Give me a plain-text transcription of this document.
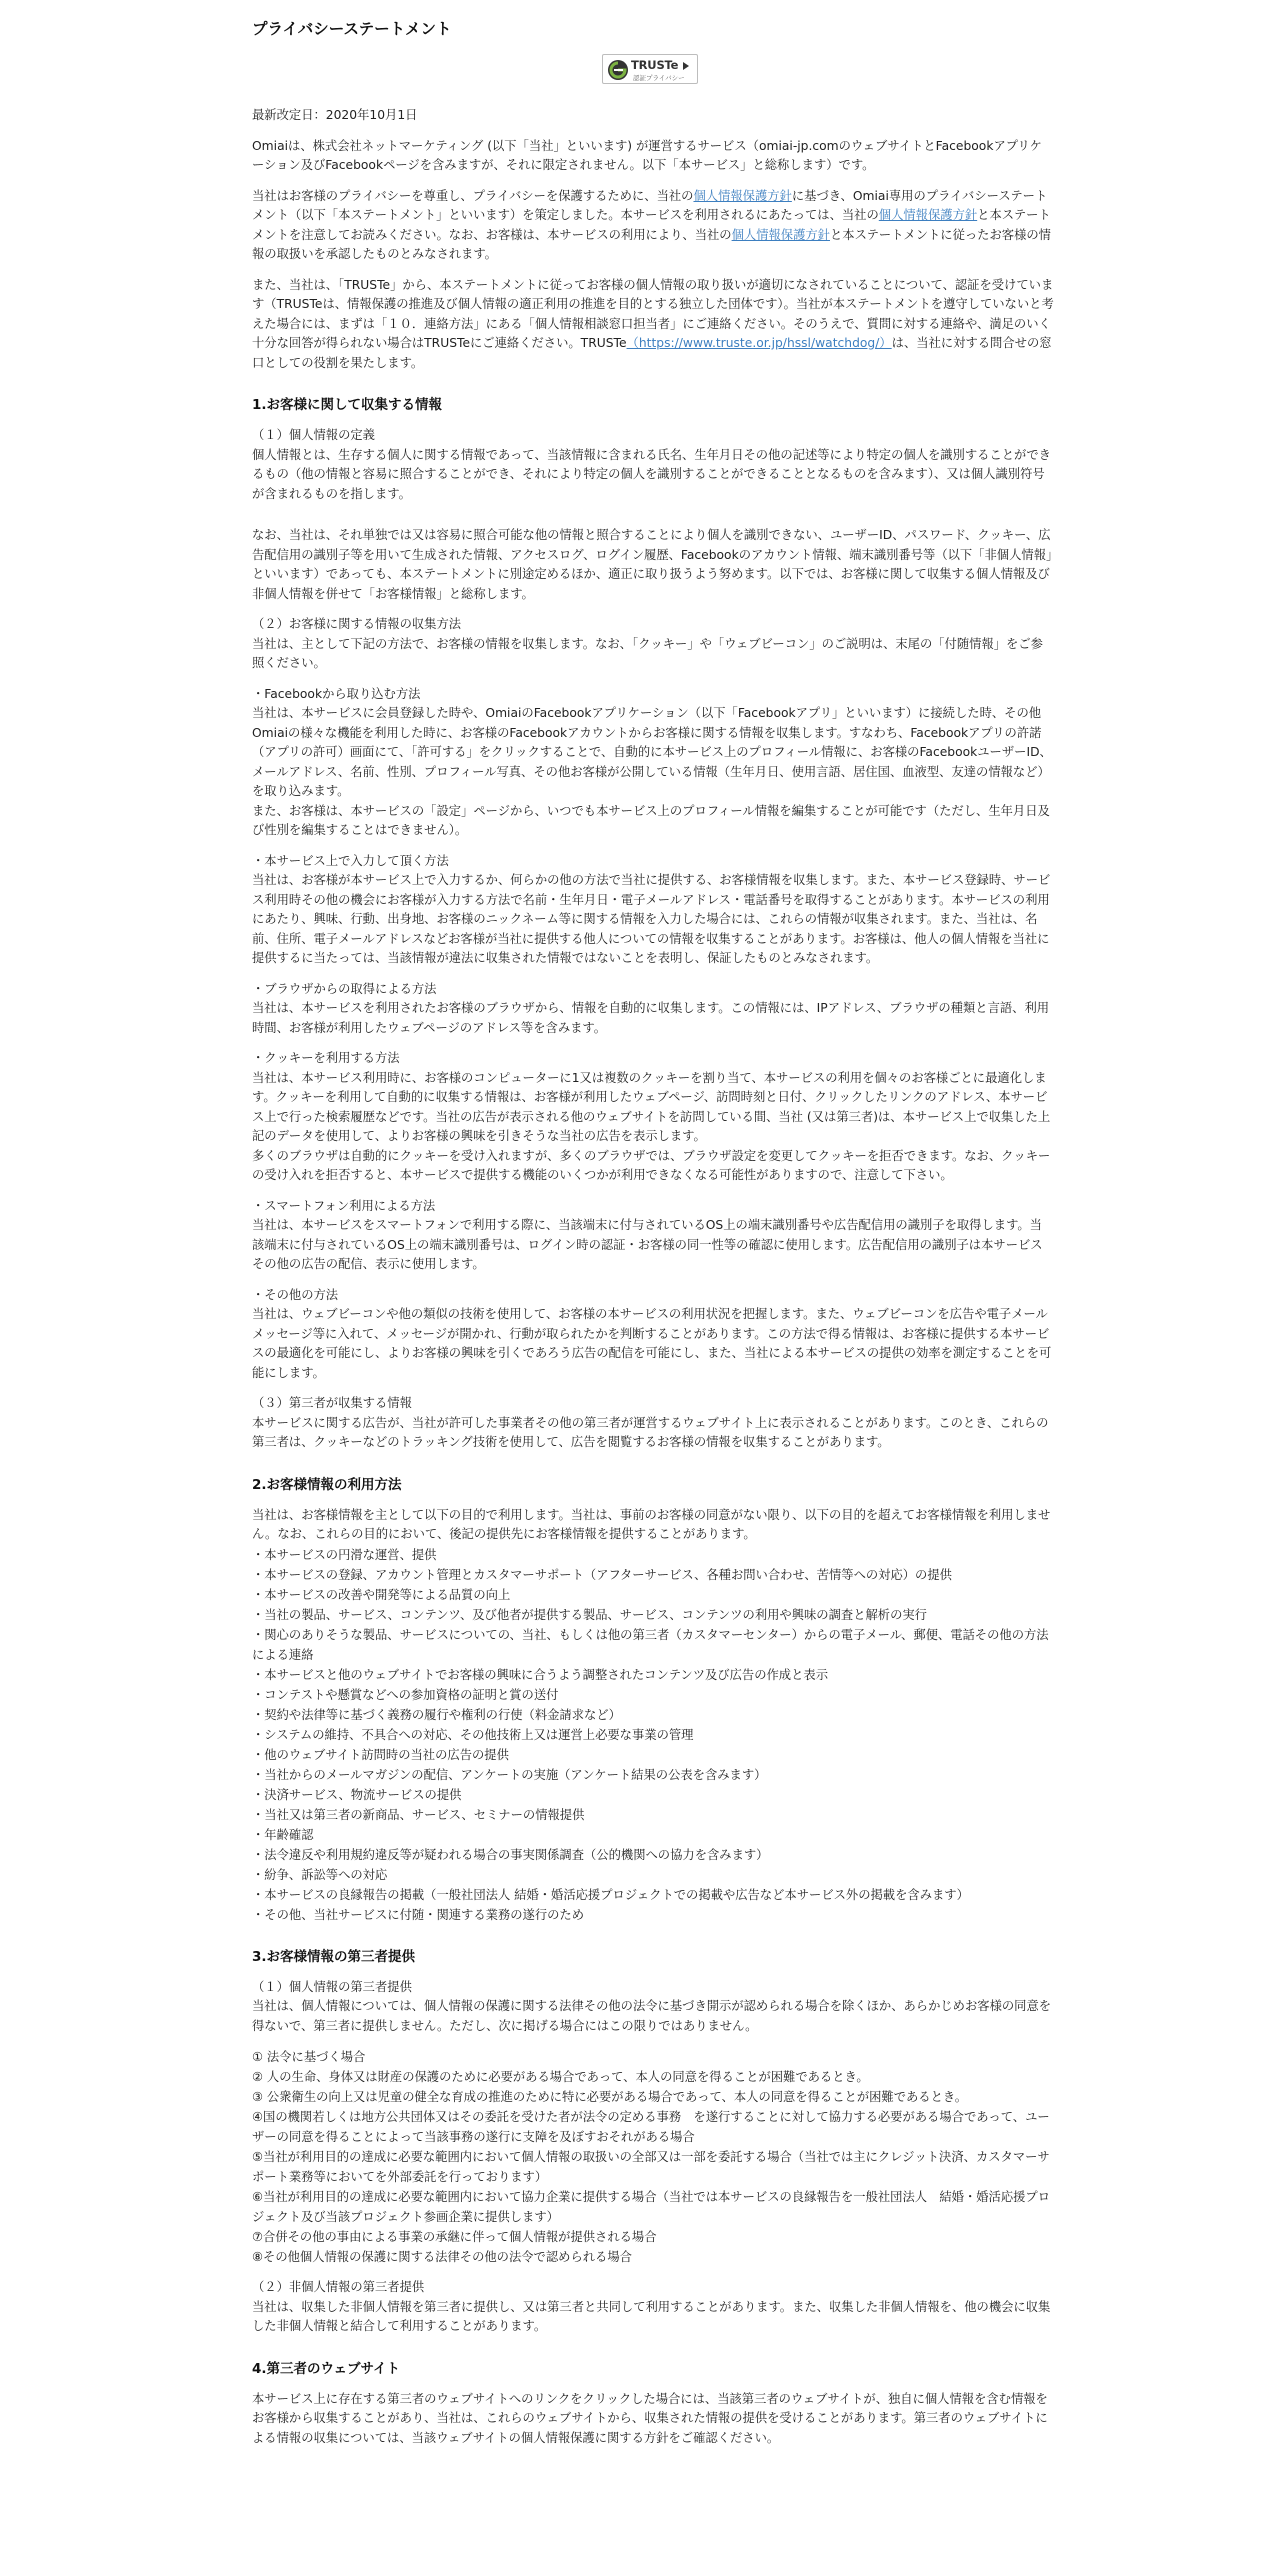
プライバシーステートメント
TRUSTe
認証プライバシー

最新改定日：2020年10月1日

Omiaiは、株式会社ネットマーケティング (以下「当社」といいます) が運営するサービス（omiai-jp.comのウェブサイトとFacebookアプリケーション及びFacebookページを含みますが、それに限定されません。以下「本サービス」と総称します）です。

当社はお客様のプライバシーを尊重し、プライバシーを保護するために、当社の個人情報保護方針に基づき、Omiai専用のプライバシーステートメント（以下「本ステートメント」といいます）を策定しました。本サービスを利用されるにあたっては、当社の個人情報保護方針と本ステートメントを注意してお読みください。なお、お客様は、本サービスの利用により、当社の個人情報保護方針と本ステートメントに従ったお客様の情報の取扱いを承認したものとみなされます。

また、当社は、「TRUSTe」から、本ステートメントに従ってお客様の個人情報の取り扱いが適切になされていることについて、認証を受けています（TRUSTeは、情報保護の推進及び個人情報の適正利用の推進を目的とする独立した団体です）。当社が本ステートメントを遵守していないと考えた場合には、まずは「１０．連絡方法」にある「個人情報相談窓口担当者」にご連絡ください。そのうえで、質問に対する連絡や、満足のいく十分な回答が得られない場合はTRUSTeにご連絡ください。TRUSTe（https://www.truste.or.jp/hssl/watchdog/）は、当社に対する問合せの窓口としての役割を果たします。

1.お客様に関して収集する情報

（１）個人情報の定義

個人情報とは、生存する個人に関する情報であって、当該情報に含まれる氏名、生年月日その他の記述等により特定の個人を識別することができるもの（他の情報と容易に照合することができ、それにより特定の個人を識別することができることとなるものを含みます）、又は個人識別符号が含まれるものを指します。

なお、当社は、それ単独では又は容易に照合可能な他の情報と照合することにより個人を識別できない、ユーザーID、パスワード、クッキー、広告配信用の識別子等を用いて生成された情報、アクセスログ、ログイン履歴、Facebookのアカウント情報、端末識別番号等（以下「非個人情報」といいます）であっても、本ステートメントに別途定めるほか、適正に取り扱うよう努めます。以下では、お客様に関して収集する個人情報及び非個人情報を併せて「お客様情報」と総称します。

（２）お客様に関する情報の収集方法

当社は、主として下記の方法で、お客様の情報を収集します。なお、「クッキー」や「ウェブビーコン」のご説明は、末尾の「付随情報」をご参照ください。

・Facebookから取り込む方法

当社は、本サービスに会員登録した時や、OmiaiのFacebookアプリケーション（以下「Facebookアプリ」といいます）に接続した時、その他Omiaiの様々な機能を利用した時に、お客様のFacebookアカウントからお客様に関する情報を収集します。すなわち、Facebookアプリの許諾（アプリの許可）画面にて、「許可する」をクリックすることで、自動的に本サービス上のプロフィール情報に、お客様のFacebookユーザーID、メールアドレス、名前、性別、プロフィール写真、その他お客様が公開している情報（生年月日、使用言語、居住国、血液型、友達の情報など）を取り込みます。

また、お客様は、本サービスの「設定」ページから、いつでも本サービス上のプロフィール情報を編集することが可能です（ただし、生年月日及び性別を編集することはできません）。

・本サービス上で入力して頂く方法

当社は、お客様が本サービス上で入力するか、何らかの他の方法で当社に提供する、お客様情報を収集します。また、本サービス登録時、サービス利用時その他の機会にお客様が入力する方法で名前・生年月日・電子メールアドレス・電話番号を取得することがあります。本サービスの利用にあたり、興味、行動、出身地、お客様のニックネーム等に関する情報を入力した場合には、これらの情報が収集されます。また、当社は、名前、住所、電子メールアドレスなどお客様が当社に提供する他人についての情報を収集することがあります。お客様は、他人の個人情報を当社に提供するに当たっては、当該情報が違法に収集された情報ではないことを表明し、保証したものとみなされます。

・ブラウザからの取得による方法

当社は、本サービスを利用されたお客様のブラウザから、情報を自動的に収集します。この情報には、IPアドレス、ブラウザの種類と言語、利用時間、お客様が利用したウェブページのアドレス等を含みます。

・クッキーを利用する方法

当社は、本サービス利用時に、お客様のコンピューターに1又は複数のクッキーを割り当て、本サービスの利用を個々のお客様ごとに最適化します。クッキーを利用して自動的に収集する情報は、お客様が利用したウェブページ、訪問時刻と日付、クリックしたリンクのアドレス、本サービス上で行った検索履歴などです。当社の広告が表示される他のウェブサイトを訪問している間、当社 (又は第三者)は、本サービス上で収集した上記のデータを使用して、よりお客様の興味を引きそうな当社の広告を表示します。

多くのブラウザは自動的にクッキーを受け入れますが、多くのブラウザでは、ブラウザ設定を変更してクッキーを拒否できます。なお、クッキーの受け入れを拒否すると、本サービスで提供する機能のいくつかが利用できなくなる可能性がありますので、注意して下さい。

・スマートフォン利用による方法

当社は、本サービスをスマートフォンで利用する際に、当該端末に付与されているOS上の端末識別番号や広告配信用の識別子を取得します。当該端末に付与されているOS上の端末識別番号は、ログイン時の認証・お客様の同一性等の確認に使用します。広告配信用の識別子は本サービスその他の広告の配信、表示に使用します。

・その他の方法

当社は、ウェブビーコンや他の類似の技術を使用して、お客様の本サービスの利用状況を把握します。また、ウェブビーコンを広告や電子メールメッセージ等に入れて、メッセージが開かれ、行動が取られたかを判断することがあります。この方法で得る情報は、お客様に提供する本サービスの最適化を可能にし、よりお客様の興味を引くであろう広告の配信を可能にし、また、当社による本サービスの提供の効率を測定することを可能にします。

（３）第三者が収集する情報

本サービスに関する広告が、当社が許可した事業者その他の第三者が運営するウェブサイト上に表示されることがあります。このとき、これらの第三者は、クッキーなどのトラッキング技術を使用して、広告を閲覧するお客様の情報を収集することがあります。

2.お客様情報の利用方法

当社は、お客様情報を主として以下の目的で利用します。当社は、事前のお客様の同意がない限り、以下の目的を超えてお客様情報を利用しません。なお、これらの目的において、後記の提供先にお客様情報を提供することがあります。

・本サービスの円滑な運営、提供
・本サービスの登録、アカウント管理とカスタマーサポート（アフターサービス、各種お問い合わせ、苦情等への対応）の提供
・本サービスの改善や開発等による品質の向上
・当社の製品、サービス、コンテンツ、及び他者が提供する製品、サービス、コンテンツの利用や興味の調査と解析の実行
・関心のありそうな製品、サービスについての、当社、もしくは他の第三者（カスタマーセンター）からの電子メール、郵便、電話その他の方法による連絡
・本サービスと他のウェブサイトでお客様の興味に合うよう調整されたコンテンツ及び広告の作成と表示
・コンテストや懸賞などへの参加資格の証明と賞の送付
・契約や法律等に基づく義務の履行や権利の行使（料金請求など）
・システムの維持、不具合への対応、その他技術上又は運営上必要な事業の管理
・他のウェブサイト訪問時の当社の広告の提供
・当社からのメールマガジンの配信、アンケートの実施（アンケート結果の公表を含みます）
・決済サービス、物流サービスの提供
・当社又は第三者の新商品、サービス、セミナーの情報提供
・年齢確認
・法令違反や利用規約違反等が疑われる場合の事実関係調査（公的機関への協力を含みます）
・紛争、訴訟等への対応
・本サービスの良縁報告の掲載（一般社団法人 結婚・婚活応援プロジェクトでの掲載や広告など本サービス外の掲載を含みます）
・その他、当社サービスに付随・関連する業務の遂行のため
3.お客様情報の第三者提供

（１）個人情報の第三者提供

当社は、個人情報については、個人情報の保護に関する法律その他の法令に基づき開示が認められる場合を除くほか、あらかじめお客様の同意を得ないで、第三者に提供しません。ただし、次に掲げる場合にはこの限りではありません。

① 法令に基づく場合
② 人の生命、身体又は財産の保護のために必要がある場合であって、本人の同意を得ることが困難であるとき。
③ 公衆衛生の向上又は児童の健全な育成の推進のために特に必要がある場合であって、本人の同意を得ることが困難であるとき。
④国の機関若しくは地方公共団体又はその委託を受けた者が法令の定める事務　を遂行することに対して協力する必要がある場合であって、ユーザーの同意を得ることによって当該事務の遂行に支障を及ぼすおそれがある場合
⑤当社が利用目的の達成に必要な範囲内において個人情報の取扱いの全部又は一部を委託する場合（当社では主にクレジット決済、カスタマーサポート業務等においてを外部委託を行っております）
⑥当社が利用目的の達成に必要な範囲内において協力企業に提供する場合（当社では本サービスの良縁報告を一般社団法人　結婚・婚活応援プロジェクト及び当該プロジェクト参画企業に提供します）
⑦合併その他の事由による事業の承継に伴って個人情報が提供される場合
⑧その他個人情報の保護に関する法律その他の法令で認められる場合

（２）非個人情報の第三者提供

当社は、収集した非個人情報を第三者に提供し、又は第三者と共同して利用することがあります。また、収集した非個人情報を、他の機会に収集した非個人情報と結合して利用することがあります。

4.第三者のウェブサイト

本サービス上に存在する第三者のウェブサイトへのリンクをクリックした場合には、当該第三者のウェブサイトが、独自に個人情報を含む情報をお客様から収集することがあり、当社は、これらのウェブサイトから、収集された情報の提供を受けることがあります。第三者のウェブサイトによる情報の収集については、当該ウェブサイトの個人情報保護に関する方針をご確認ください。
